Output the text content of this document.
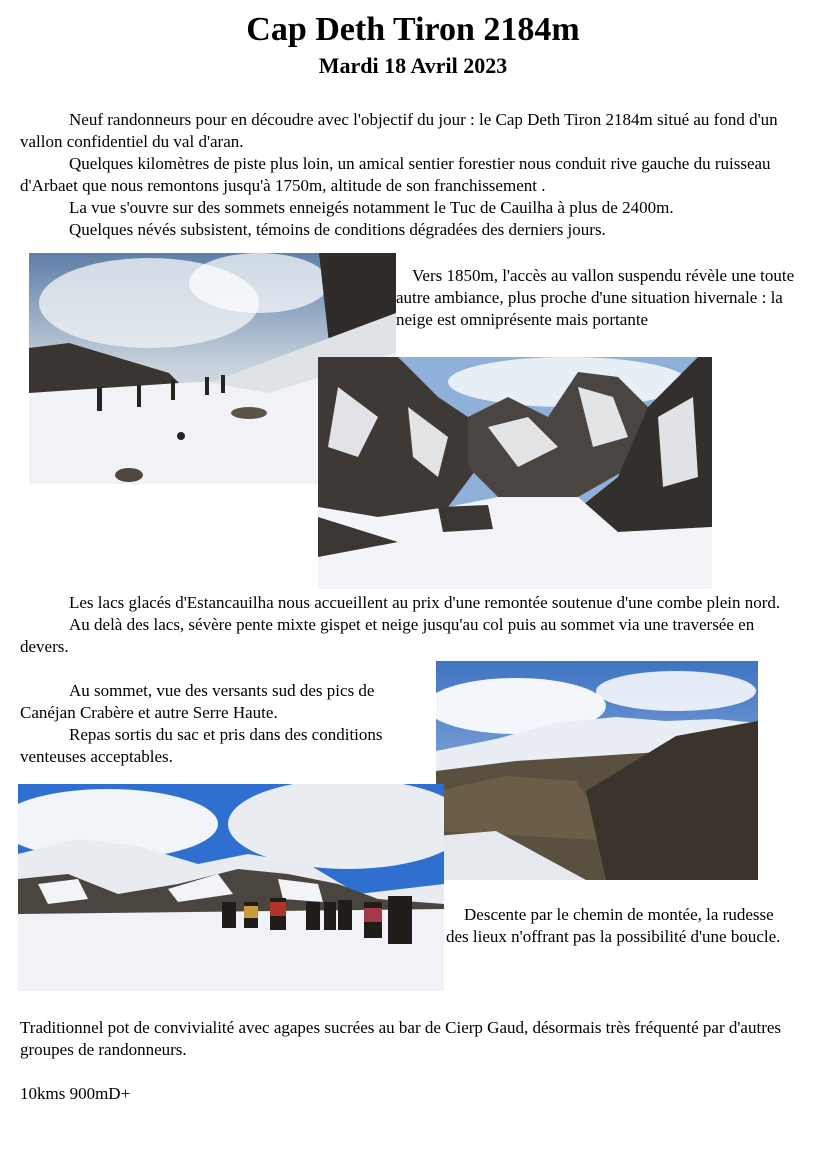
Cap Deth Tiron 2184m
Mardi 18 Avril 2023

Neuf randonneurs pour en découdre avec l'objectif du jour : le Cap Deth Tiron 2184m situé au fond d'un vallon confidentiel du val d'aran.

Quelques kilomètres de piste plus loin, un amical sentier forestier nous conduit rive gauche du ruisseau d'Arbaet que nous remontons jusqu'à 1750m, altitude de son franchissement .

La vue s'ouvre sur des sommets enneigés notamment le Tuc de Cauilha à plus de 2400m.

Quelques névés subsistent, témoins de conditions dégradées des derniers jours.

Vers 1850m, l'accès au vallon suspendu révèle une toute autre ambiance, plus proche d'une situation hivernale : la neige est omniprésente mais portante

Les lacs glacés d'Estancauilha nous accueillent au prix d'une remontée soutenue d'une combe plein nord.

Au delà des lacs, sévère pente mixte gispet et neige jusqu'au col puis au sommet via une traversée en devers.

Au sommet, vue des versants sud des pics de Canéjan Crabère et autre Serre Haute.

Repas sortis du sac et pris dans des conditions venteuses acceptables.

Descente par le chemin de montée, la rudesse des lieux n'offrant pas la possibilité d'une boucle.
Traditionnel pot de convivialité avec agapes sucrées au bar de Cierp Gaud, désormais très fréquenté par d'autres groupes de randonneurs.
10kms 900mD+
